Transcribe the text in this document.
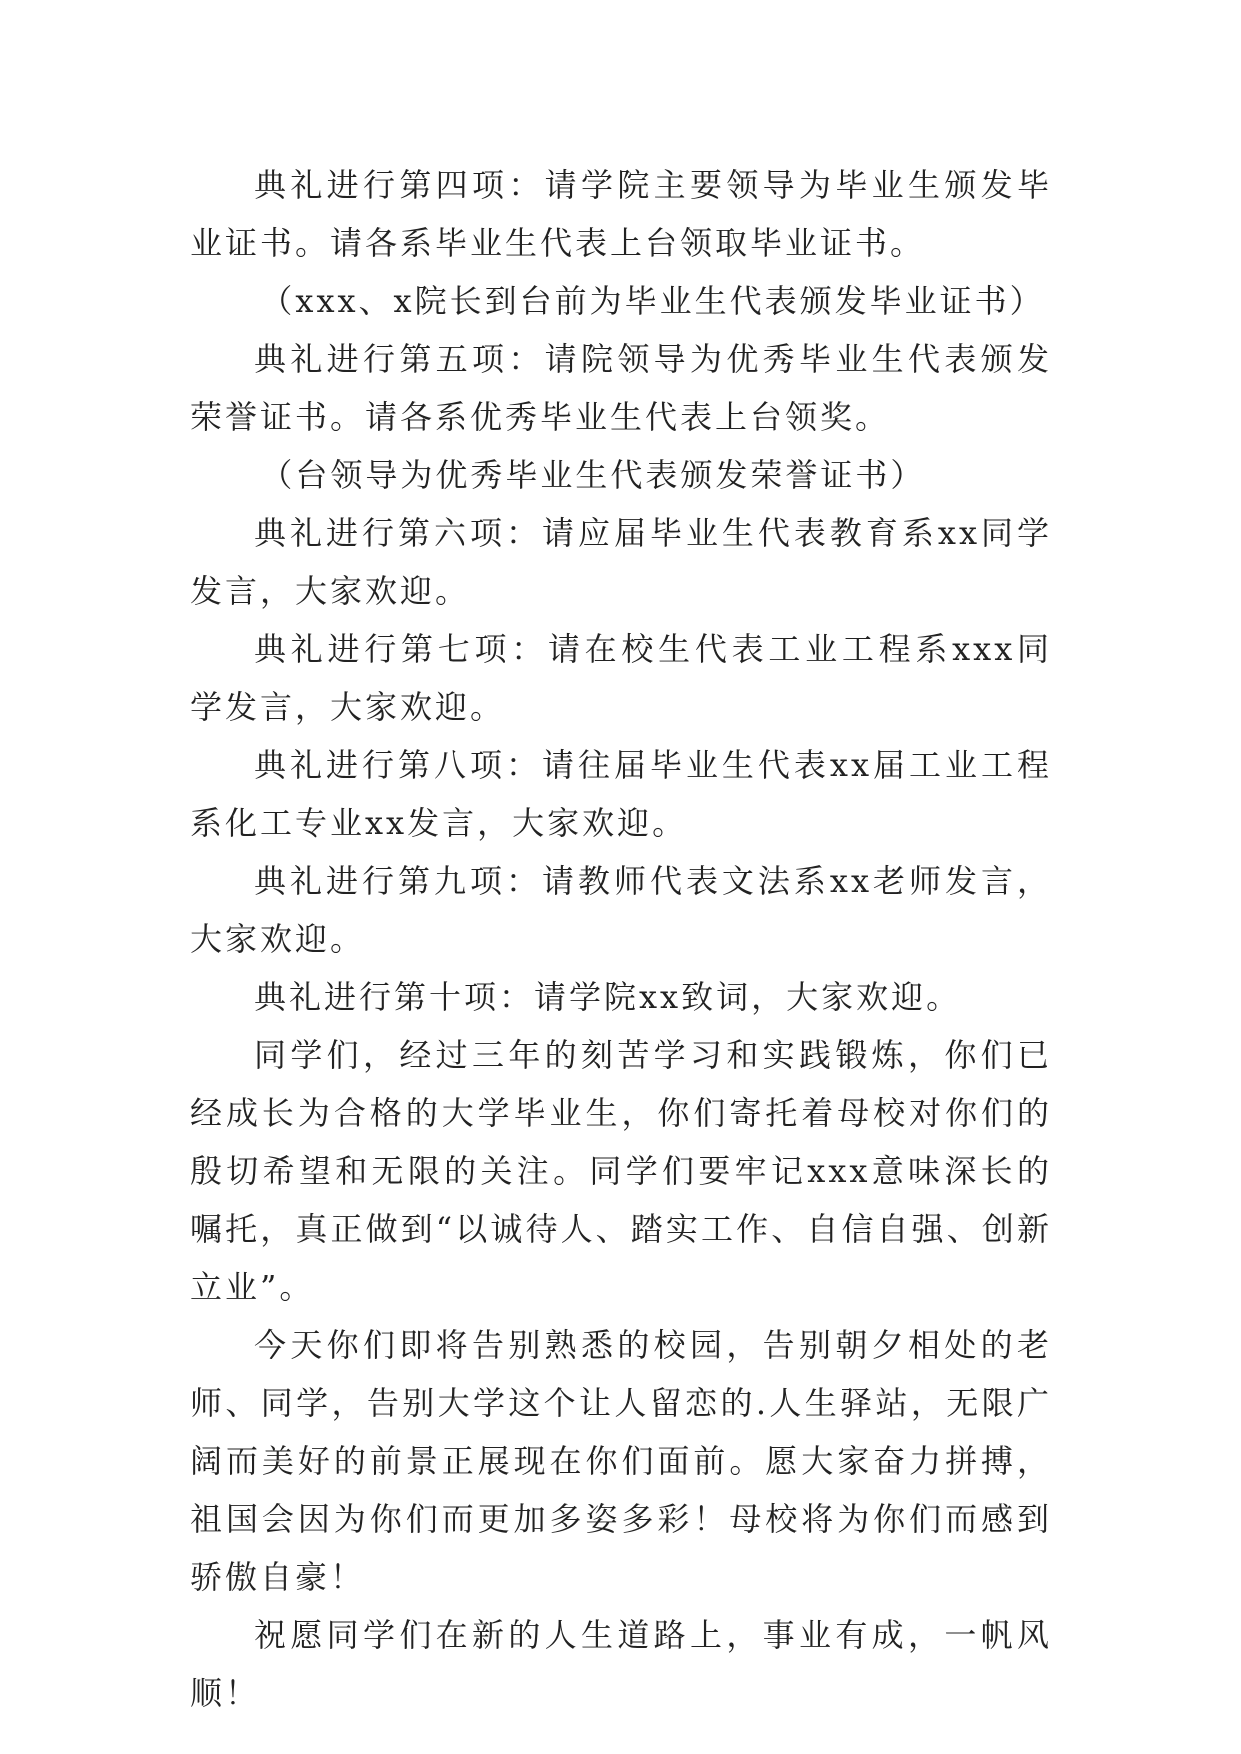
典礼进行第四项：请学院主要领导为毕业生颁发毕业证书。请各系毕业生代表上台领取毕业证书。

（xxx、x院长到台前为毕业生代表颁发毕业证书）

典礼进行第五项：请院领导为优秀毕业生代表颁发荣誉证书。请各系优秀毕业生代表上台领奖。

（台领导为优秀毕业生代表颁发荣誉证书）

典礼进行第六项：请应届毕业生代表教育系xx同学发言，大家欢迎。

典礼进行第七项：请在校生代表工业工程系xxx同学发言，大家欢迎。

典礼进行第八项：请往届毕业生代表xx届工业工程系化工专业xx发言，大家欢迎。

典礼进行第九项：请教师代表文法系xx老师发言，大家欢迎。

典礼进行第十项：请学院xx致词，大家欢迎。

同学们，经过三年的刻苦学习和实践锻炼，你们已经成长为合格的大学毕业生，你们寄托着母校对你们的殷切希望和无限的关注。同学们要牢记xxx意味深长的嘱托，真正做到“以诚待人、踏实工作、自信自强、创新立业”。

今天你们即将告别熟悉的校园，告别朝夕相处的老师、同学，告别大学这个让人留恋的.人生驿站，无限广阔而美好的前景正展现在你们面前。愿大家奋力拼搏，祖国会因为你们而更加多姿多彩！母校将为你们而感到骄傲自豪！

祝愿同学们在新的人生道路上，事业有成，一帆风顺！
